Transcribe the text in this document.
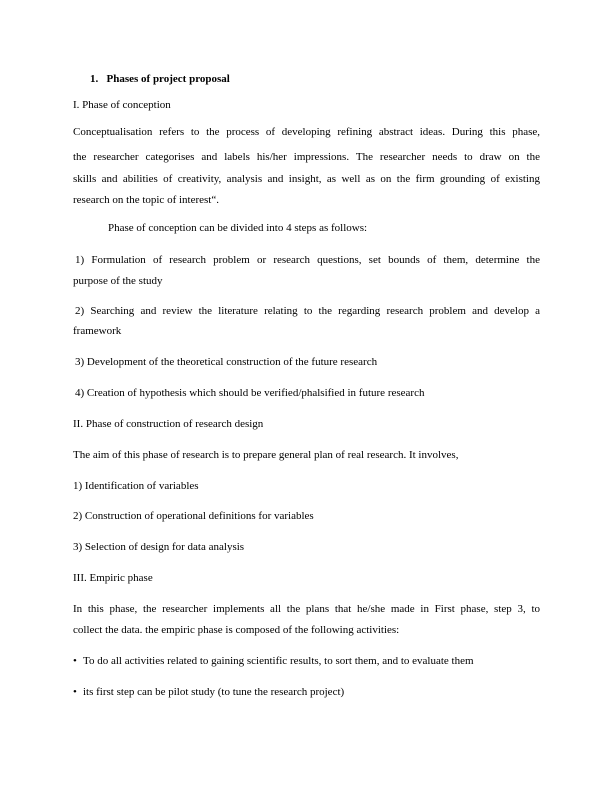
1. Phases of project proposal
I. Phase of conception
Conceptualisation refers to the process of developing refining abstract ideas. During this phase,
the researcher categorises and labels his/her impressions. The researcher needs to draw on the
skills and abilities of creativity, analysis and insight, as well as on the firm grounding of existing
research on the topic of interest“.
Phase of conception can be divided into 4 steps as follows:
1) Formulation of research problem or research questions, set bounds of them, determine the
purpose of the study
2) Searching and review the literature relating to the regarding research problem and develop a
framework
3) Development of the theoretical construction of the future research
4) Creation of hypothesis which should be verified/phalsified in future research
II. Phase of construction of research design
The aim of this phase of research is to prepare general plan of real research. It involves,
1) Identification of variables
2) Construction of operational definitions for variables
3) Selection of design for data analysis
III. Empiric phase
In this phase, the researcher implements all the plans that he/she made in First phase, step 3, to
collect the data. the empiric phase is composed of the following activities:
• To do all activities related to gaining scientific results, to sort them, and to evaluate them
• its first step can be pilot study (to tune the research project)
